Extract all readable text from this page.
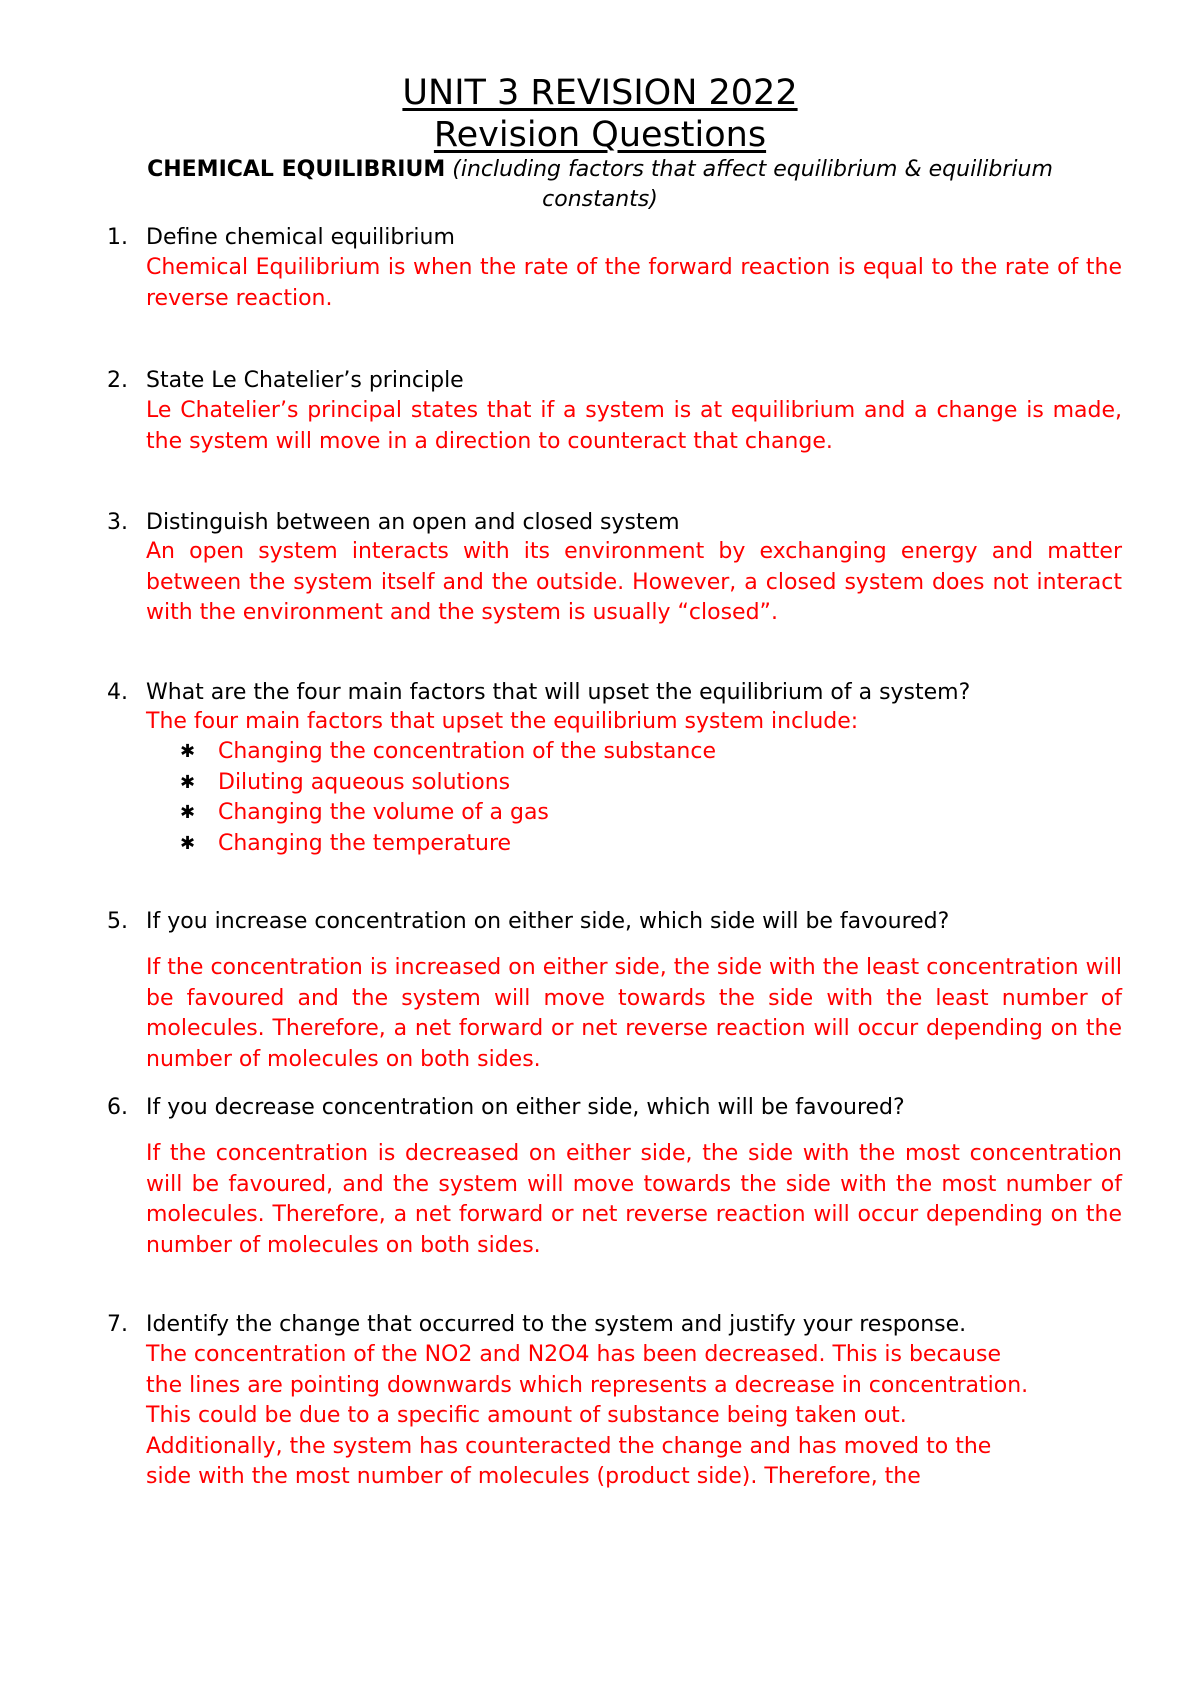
UNIT 3 REVISION 2022
Revision Questions
CHEMICAL EQUILIBRIUM (including factors that affect equilibrium & equilibrium constants)
1. Define chemical equilibrium
Chemical Equilibrium is when the rate of the forward reaction is equal to the rate of the reverse reaction.
2. State Le Chatelier’s principle
Le Chatelier’s principal states that if a system is at equilibrium and a change is made, the system will move in a direction to counteract that change.
3. Distinguish between an open and closed system
An open system interacts with its environment by exchanging energy and matter between the system itself and the outside. However, a closed system does not interact with the environment and the system is usually “closed”.
4. What are the four main factors that will upset the equilibrium of a system?
The four main factors that upset the equilibrium system include:
✱ Changing the concentration of the substance
✱ Diluting aqueous solutions
✱ Changing the volume of a gas
✱ Changing the temperature
5. If you increase concentration on either side, which side will be favoured?
If the concentration is increased on either side, the side with the least concentration will be favoured and the system will move towards the side with the least number of molecules. Therefore, a net forward or net reverse reaction will occur depending on the number of molecules on both sides.
6. If you decrease concentration on either side, which will be favoured?
If the concentration is decreased on either side, the side with the most concentration will be favoured, and the system will move towards the side with the most number of molecules. Therefore, a net forward or net reverse reaction will occur depending on the number of molecules on both sides.
7. Identify the change that occurred to the system and justify your response.
The concentration of the NO2 and N2O4 has been decreased. This is because
the lines are pointing downwards which represents a decrease in concentration.
This could be due to a specific amount of substance being taken out.
Additionally, the system has counteracted the change and has moved to the
side with the most number of molecules (product side). Therefore, the
